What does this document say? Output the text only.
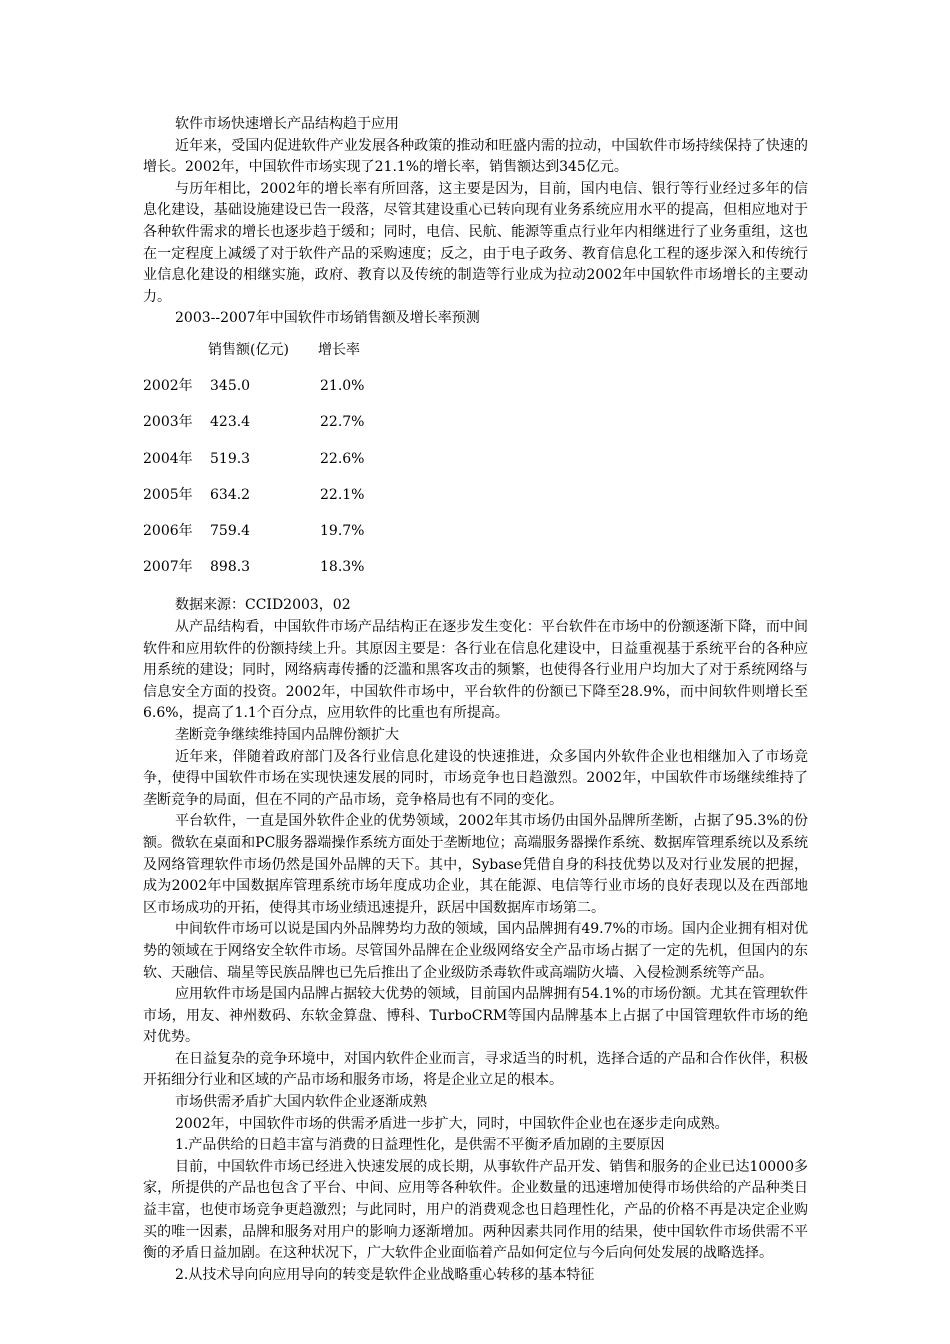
软件市场快速增长产品结构趋于应用

近年来，受国内促进软件产业发展各种政策的推动和旺盛内需的拉动，中国软件市场持续保持了快速的增长。2002年，中国软件市场实现了21.1%的增长率，销售额达到345亿元。

与历年相比，2002年的增长率有所回落，这主要是因为，目前，国内电信、银行等行业经过多年的信息化建设，基础设施建设已告一段落，尽管其建设重心已转向现有业务系统应用水平的提高，但相应地对于各种软件需求的增长也逐步趋于缓和；同时，电信、民航、能源等重点行业年内相继进行了业务重组，这也在一定程度上减缓了对于软件产品的采购速度；反之，由于电子政务、教育信息化工程的逐步深入和传统行业信息化建设的相继实施，政府、教育以及传统的制造等行业成为拉动2002年中国软件市场增长的主要动力。

2003--2007年中国软件市场销售额及增长率预测

销售额(亿元) 增长率
2002年 345.0	21.0%
2003年 423.4	22.7%
2004年 519.3	22.6%
2005年 634.2	22.1%
2006年 759.4	19.7%
2007年 898.3	18.3%

数据来源：CCID2003，02

从产品结构看，中国软件市场产品结构正在逐步发生变化：平台软件在市场中的份额逐渐下降，而中间软件和应用软件的份额持续上升。其原因主要是：各行业在信息化建设中，日益重视基于系统平台的各种应用系统的建设；同时，网络病毒传播的泛滥和黑客攻击的频繁，也使得各行业用户均加大了对于系统网络与信息安全方面的投资。2002年，中国软件市场中，平台软件的份额已下降至28.9%，而中间软件则增长至6.6%，提高了1.1个百分点，应用软件的比重也有所提高。

垄断竞争继续维持国内品牌份额扩大

近年来，伴随着政府部门及各行业信息化建设的快速推进，众多国内外软件企业也相继加入了市场竞争，使得中国软件市场在实现快速发展的同时，市场竞争也日趋激烈。2002年，中国软件市场继续维持了垄断竞争的局面，但在不同的产品市场，竞争格局也有不同的变化。

平台软件，一直是国外软件企业的优势领域，2002年其市场仍由国外品牌所垄断，占据了95.3%的份额。微软在桌面和PC服务器端操作系统方面处于垄断地位；高端服务器操作系统、数据库管理系统以及系统及网络管理软件市场仍然是国外品牌的天下。其中，Sybase凭借自身的科技优势以及对行业发展的把握，成为2002年中国数据库管理系统市场年度成功企业，其在能源、电信等行业市场的良好表现以及在西部地区市场成功的开拓，使得其市场业绩迅速提升，跃居中国数据库市场第二。

中间软件市场可以说是国内外品牌势均力敌的领域，国内品牌拥有49.7%的市场。国内企业拥有相对优势的领域在于网络安全软件市场。尽管国外品牌在企业级网络安全产品市场占据了一定的先机，但国内的东软、天融信、瑞星等民族品牌也已先后推出了企业级防杀毒软件或高端防火墙、入侵检测系统等产品。

应用软件市场是国内品牌占据较大优势的领域，目前国内品牌拥有54.1%的市场份额。尤其在管理软件市场，用友、神州数码、东软金算盘、博科、TurboCRM等国内品牌基本上占据了中国管理软件市场的绝对优势。

在日益复杂的竞争环境中，对国内软件企业而言，寻求适当的时机，选择合适的产品和合作伙伴，积极开拓细分行业和区域的产品市场和服务市场，将是企业立足的根本。

市场供需矛盾扩大国内软件企业逐渐成熟

2002年，中国软件市场的供需矛盾进一步扩大，同时，中国软件企业也在逐步走向成熟。

1.产品供给的日趋丰富与消费的日益理性化，是供需不平衡矛盾加剧的主要原因

目前，中国软件市场已经进入快速发展的成长期，从事软件产品开发、销售和服务的企业已达10000多家，所提供的产品也包含了平台、中间、应用等各种软件。企业数量的迅速增加使得市场供给的产品种类日益丰富，也使市场竞争更趋激烈；与此同时，用户的消费观念也日趋理性化，产品的价格不再是决定企业购买的唯一因素，品牌和服务对用户的影响力逐渐增加。两种因素共同作用的结果，使中国软件市场供需不平衡的矛盾日益加剧。在这种状况下，广大软件企业面临着产品如何定位与今后向何处发展的战略选择。

2.从技术导向向应用导向的转变是软件企业战略重心转移的基本特征
